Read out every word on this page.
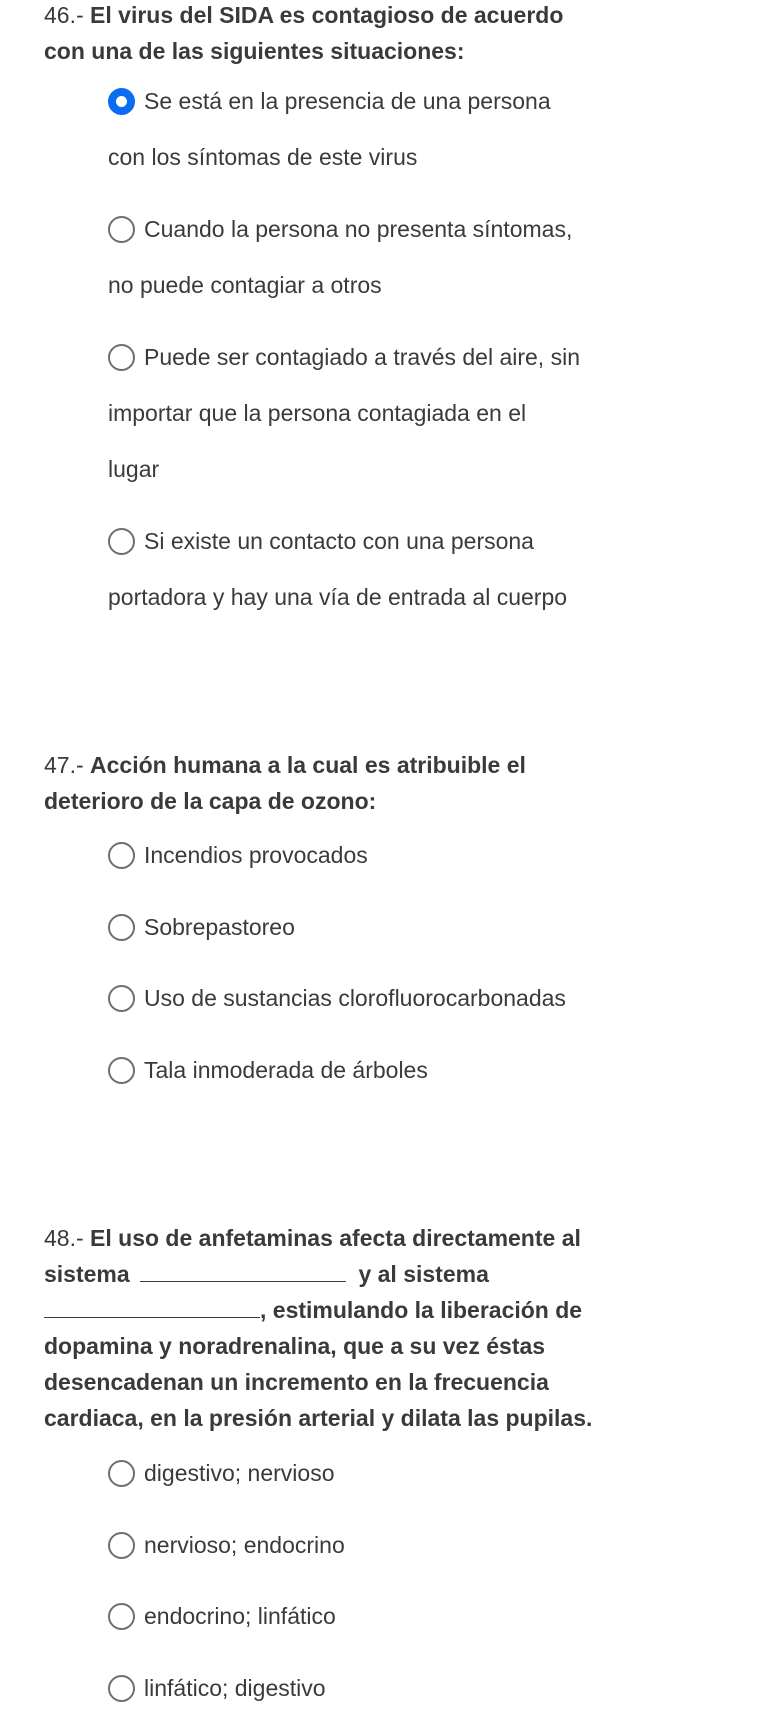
46.- El virus del SIDA es contagioso de acuerdo
con una de las siguientes situaciones:
Se está en la presencia de una persona
con los síntomas de este virus
Cuando la persona no presenta síntomas,
no puede contagiar a otros
Puede ser contagiado a través del aire, sin
importar que la persona contagiada en el
lugar
Si existe un contacto con una persona
portadora y hay una vía de entrada al cuerpo
47.- Acción humana a la cual es atribuible el
deterioro de la capa de ozono:
Incendios provocados
Sobrepastoreo
Uso de sustancias clorofluorocarbonadas
Tala inmoderada de árboles
48.- El uso de anfetaminas afecta directamente al
sistema	y al sistema
, estimulando la liberación de
dopamina y noradrenalina, que a su vez éstas
desencadenan un incremento en la frecuencia
cardiaca, en la presión arterial y dilata las pupilas.
digestivo; nervioso
nervioso; endocrino
endocrino; linfático
linfático; digestivo
